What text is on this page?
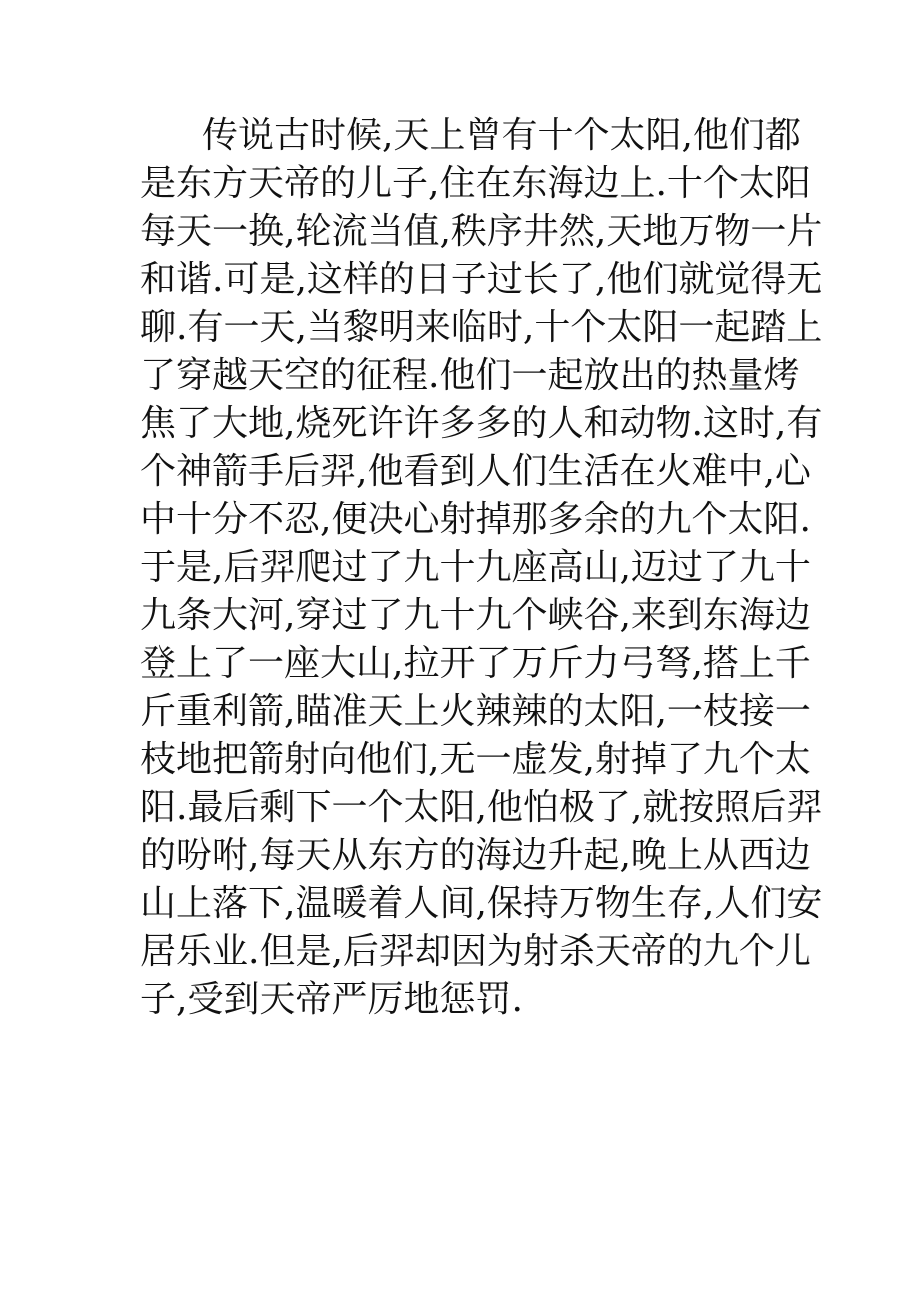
传说古时候,天上曾有十个太阳,他们都
是东方天帝的儿子,住在东海边上.十个太阳
每天一换,轮流当值,秩序井然,天地万物一片
和谐.可是,这样的日子过长了,他们就觉得无
聊.有一天,当黎明来临时,十个太阳一起踏上
了穿越天空的征程.他们一起放出的热量烤
焦了大地,烧死许许多多的人和动物.这时,有
个神箭手后羿,他看到人们生活在火难中,心
中十分不忍,便决心射掉那多余的九个太阳.
于是,后羿爬过了九十九座高山,迈过了九十
九条大河,穿过了九十九个峡谷,来到东海边
登上了一座大山,拉开了万斤力弓弩,搭上千
斤重利箭,瞄准天上火辣辣的太阳,一枝接一
枝地把箭射向他们,无一虚发,射掉了九个太
阳.最后剩下一个太阳,他怕极了,就按照后羿
的吩咐,每天从东方的海边升起,晚上从西边
山上落下,温暖着人间,保持万物生存,人们安
居乐业.但是,后羿却因为射杀天帝的九个儿
子,受到天帝严厉地惩罚.
